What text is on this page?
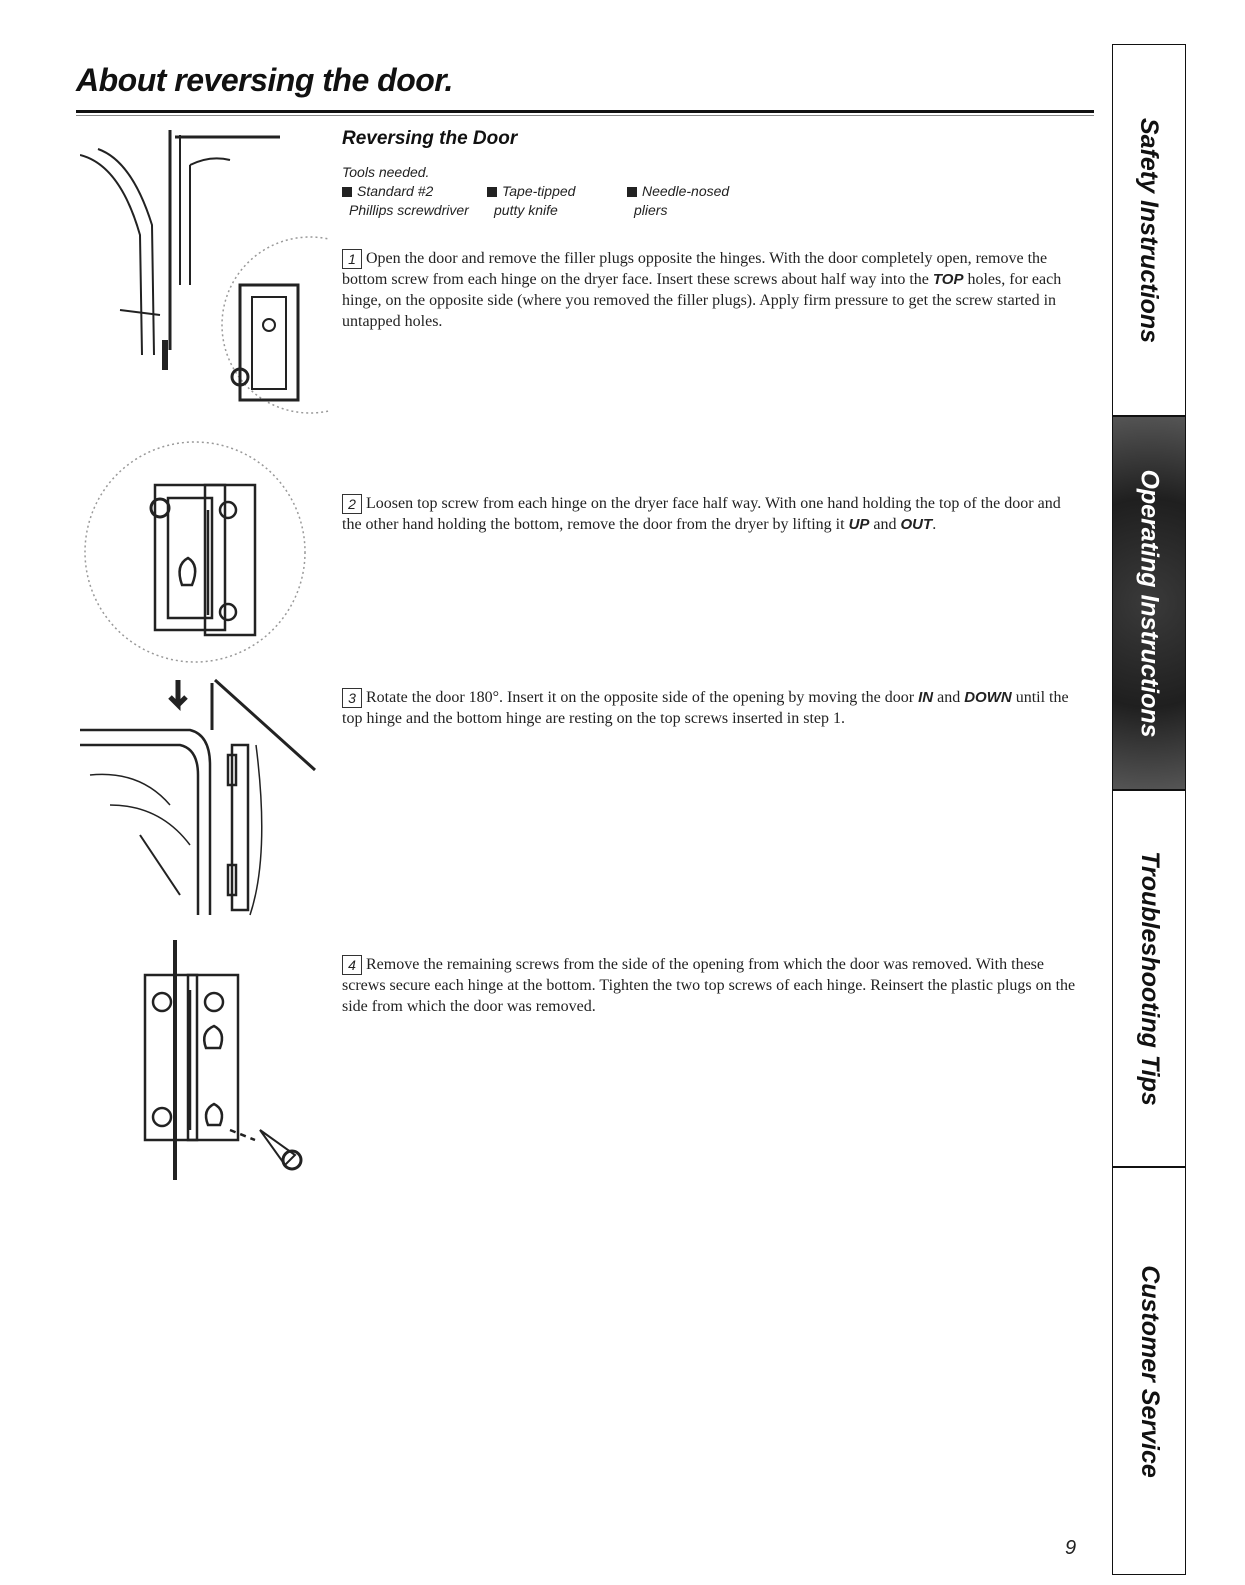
About reversing the door.
Reversing the Door
Tools needed.
Standard #2
Phillips screwdriver
Tape-tipped
putty knife
Needle-nosed
pliers
1 Open the door and remove the filler plugs opposite the hinges. With the door completely open, remove the bottom screw from each hinge on the dryer face. Insert these screws about half way into the TOP holes, for each hinge, on the opposite side (where you removed the filler plugs). Apply firm pressure to get the screw started in untapped holes.
2 Loosen top screw from each hinge on the dryer face half way. With one hand holding the top of the door and the other hand holding the bottom, remove the door from the dryer by lifting it UP and OUT.
3 Rotate the door 180°. Insert it on the opposite side of the opening by moving the door IN and DOWN until the top hinge and the bottom hinge are resting on the top screws inserted in step 1.
4 Remove the remaining screws from the side of the opening from which the door was removed. With these screws secure each hinge at the bottom. Tighten the two top screws of each hinge. Reinsert the plastic plugs on the side from which the door was removed.
Safety Instructions
Operating Instructions
Troubleshooting Tips
Customer Service
9
